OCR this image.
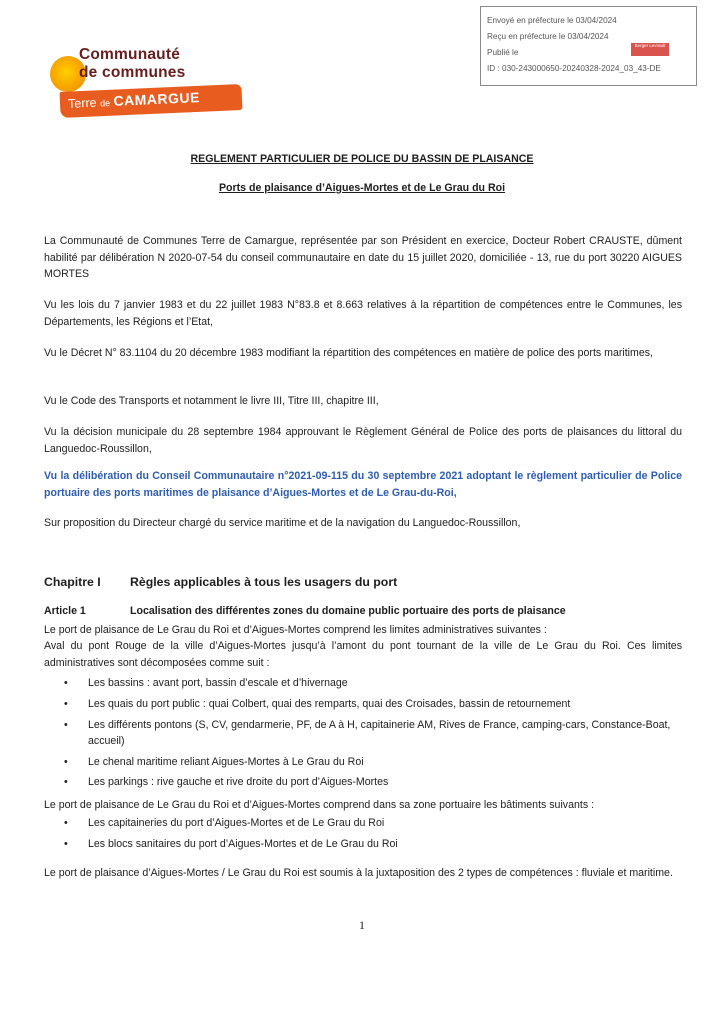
Communauté
de communes
Terre de CAMARGUE
Envoyé en préfecture le 03/04/2024
Reçu en préfecture le 03/04/2024
Publié le
ID : 030-243000650-20240328-2024_03_43-DE
Berger Levrault
REGLEMENT PARTICULIER DE POLICE DU BASSIN DE PLAISANCE
Ports de plaisance d’Aigues-Mortes et de Le Grau du Roi
La Communauté de Communes Terre de Camargue, représentée par son Président en exercice, Docteur Robert CRAUSTE, dûment habilité par délibération N 2020-07-54 du conseil communautaire en date du 15 juillet 2020, domiciliée - 13, rue du port 30220 AIGUES MORTES
Vu les lois du 7 janvier 1983 et du 22 juillet 1983 N°83.8 et 8.663 relatives à la répartition de compétences entre le Communes, les Départements, les Régions et l’Etat,
Vu le Décret N° 83.1104 du 20 décembre 1983 modifiant la répartition des compétences en matière de police des ports maritimes,
Vu le Code des Transports et notamment le livre III, Titre III, chapitre III,
Vu la décision municipale du 28 septembre 1984 approuvant le Règlement Général de Police des ports de plaisances du littoral du Languedoc-Roussillon,
Vu la délibération du Conseil Communautaire n°2021-09-115 du 30 septembre 2021 adoptant le règlement particulier de Police portuaire des ports maritimes de plaisance d’Aigues-Mortes et de Le Grau-du-Roi,
Sur proposition du Directeur chargé du service maritime et de la navigation du Languedoc-Roussillon,
Chapitre I Règles applicables à tous les usagers du port
Article 1	Localisation des différentes zones du domaine public portuaire des ports de plaisance
Le port de plaisance de Le Grau du Roi et d’Aigues-Mortes comprend les limites administratives suivantes :
Aval du pont Rouge de la ville d’Aigues-Mortes jusqu’à l’amont du pont tournant de la ville de Le Grau du Roi. Ces limites administratives sont décomposées comme suit :
• Les bassins : avant port, bassin d’escale et d’hivernage
• Les quais du port public : quai Colbert, quai des remparts, quai des Croisades, bassin de retournement
• Les différents pontons (S, CV, gendarmerie, PF, de A à H, capitainerie AM, Rives de France, camping-cars, Constance-Boat, accueil)
• Le chenal maritime reliant Aigues-Mortes à Le Grau du Roi
• Les parkings : rive gauche et rive droite du port d’Aigues-Mortes
Le port de plaisance de Le Grau du Roi et d’Aigues-Mortes comprend dans sa zone portuaire les bâtiments suivants :
• Les capitaineries du port d’Aigues-Mortes et de Le Grau du Roi
• Les blocs sanitaires du port d’Aigues-Mortes et de Le Grau du Roi
Le port de plaisance d’Aigues-Mortes / Le Grau du Roi est soumis à la juxtaposition des 2 types de compétences : fluviale et maritime.
1
